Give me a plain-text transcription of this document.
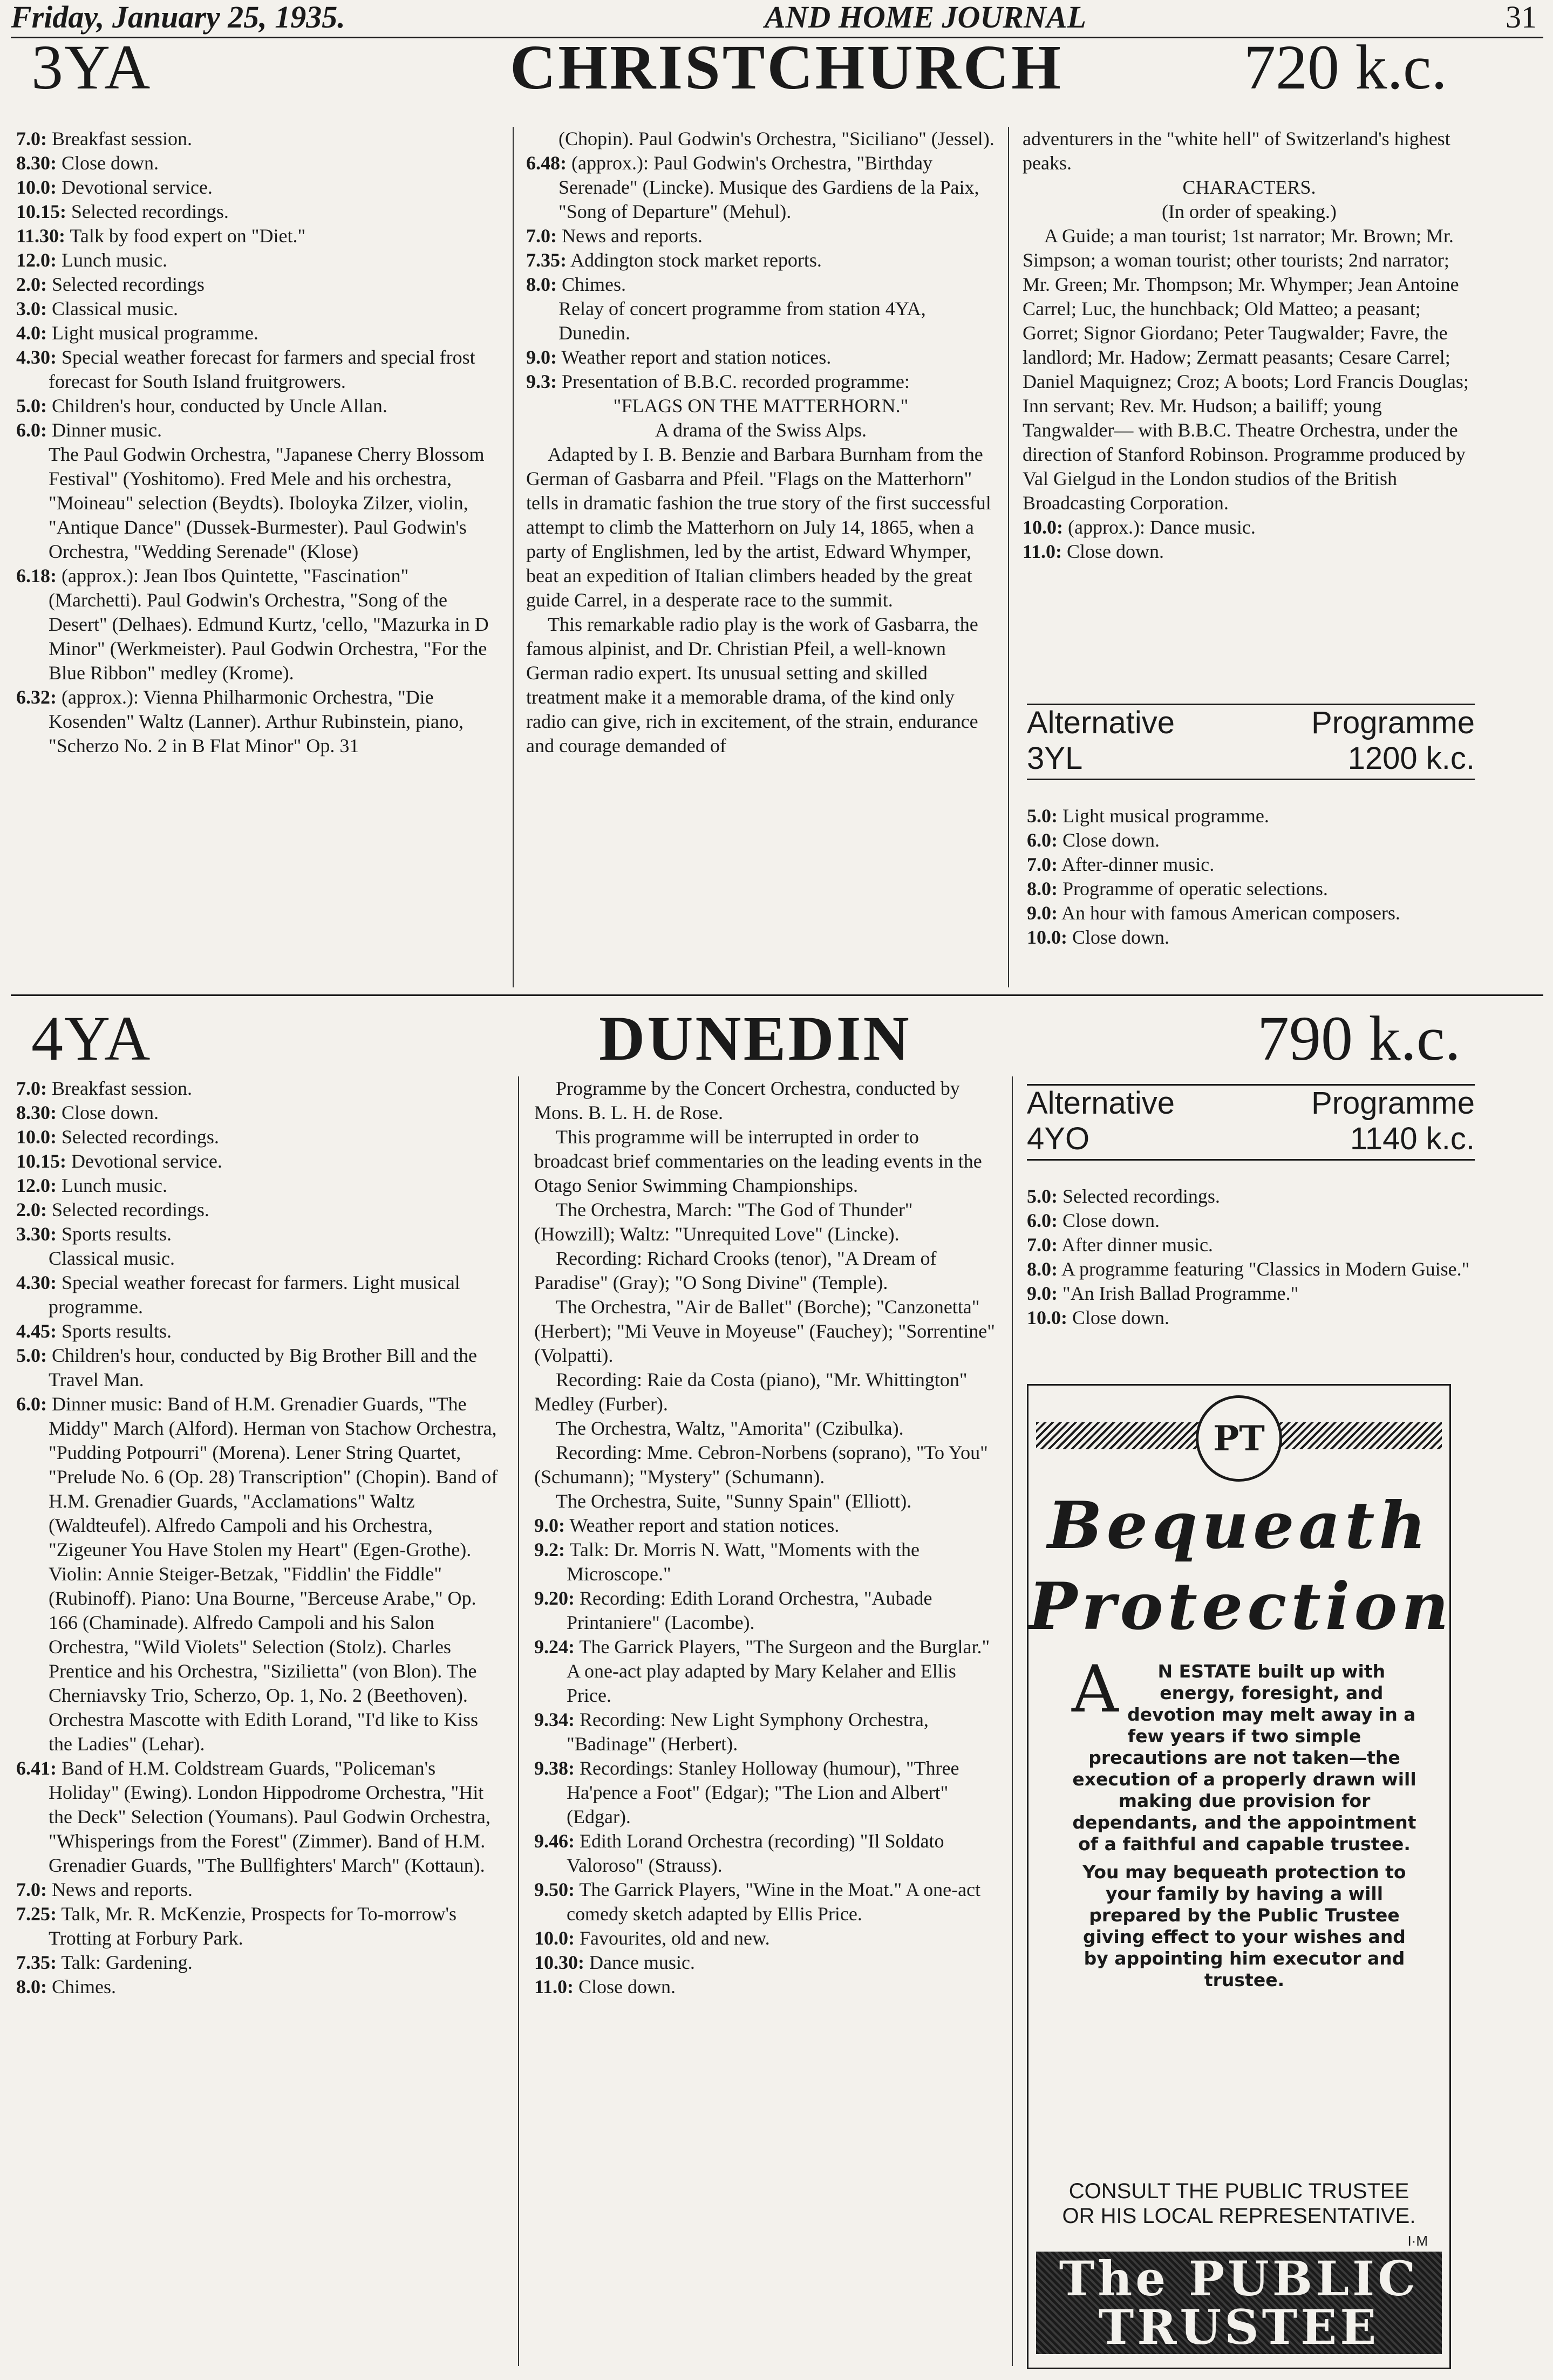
Friday, January 25, 1935.	AND HOME JOURNAL	31
3YA	CHRISTCHURCH	720 k.c.
7.0: Breakfast session.
8.30: Close down.
10.0: Devotional service.
10.15: Selected recordings.
11.30: Talk by food expert on "Diet."
12.0: Lunch music.
2.0: Selected recordings
3.0: Classical music.
4.0: Light musical programme.
4.30: Special weather forecast for farmers and special frost forecast for South Island fruitgrowers.
5.0: Children's hour, conducted by Uncle Allan.
6.0: Dinner music.
The Paul Godwin Orchestra, "Japanese Cherry Blossom Festival" (Yoshitomo). Fred Mele and his orchestra, "Moineau" selection (Beydts). Iboloyka Zilzer, violin, "Antique Dance" (Dussek-Burmester). Paul Godwin's Orchestra, "Wedding Serenade" (Klose)
6.18: (approx.): Jean Ibos Quintette, "Fascination" (Marchetti). Paul Godwin's Orchestra, "Song of the Desert" (Delhaes). Edmund Kurtz, 'cello, "Mazurka in D Minor" (Werkmeister). Paul Godwin Orchestra, "For the Blue Ribbon" medley (Krome).
6.32: (approx.): Vienna Philharmonic Orchestra, "Die Kosenden" Waltz (Lanner). Arthur Rubinstein, piano, "Scherzo No. 2 in B Flat Minor" Op. 31
(Chopin). Paul Godwin's Orchestra, "Siciliano" (Jessel).
6.48: (approx.): Paul Godwin's Orchestra, "Birthday Serenade" (Lincke). Musique des Gardiens de la Paix, "Song of Departure" (Mehul).
7.0: News and reports.
7.35: Addington stock market reports.
8.0: Chimes.
Relay of concert programme from station 4YA, Dunedin.
9.0: Weather report and station notices.
9.3: Presentation of B.B.C. recorded programme:

"FLAGS ON THE MATTERHORN."

A drama of the Swiss Alps.

Adapted by I. B. Benzie and Barbara Burnham from the German of Gasbarra and Pfeil. "Flags on the Matterhorn" tells in dramatic fashion the true story of the first successful attempt to climb the Matterhorn on July 14, 1865, when a party of Englishmen, led by the artist, Edward Whymper, beat an expedition of Italian climbers headed by the great guide Carrel, in a desperate race to the summit.

This remarkable radio play is the work of Gasbarra, the famous alpinist, and Dr. Christian Pfeil, a well-known German radio expert. Its unusual setting and skilled treatment make it a memorable drama, of the kind only radio can give, rich in excitement, of the strain, endurance and courage demanded of

adventurers in the "white hell" of Switzerland's highest peaks.

CHARACTERS.

(In order of speaking.)

A Guide; a man tourist; 1st narrator; Mr. Brown; Mr. Simpson; a woman tourist; other tourists; 2nd narrator; Mr. Green; Mr. Thompson; Mr. Whymper; Jean Antoine Carrel; Luc, the hunchback; Old Matteo; a peasant; Gorret; Signor Giordano; Peter Taugwalder; Favre, the landlord; Mr. Hadow; Zermatt peasants; Cesare Carrel; Daniel Maquignez; Croz; A boots; Lord Francis Douglas; Inn servant; Rev. Mr. Hudson; a bailiff; young Tangwalder— with B.B.C. Theatre Orchestra, under the direction of Stanford Robinson. Programme produced by Val Gielgud in the London studios of the British Broadcasting Corporation.

10.0: (approx.): Dance music.
11.0: Close down.
Alternative	Programme
3YL	1200 k.c.
5.0: Light musical programme.
6.0: Close down.
7.0: After-dinner music.
8.0: Programme of operatic selections.
9.0: An hour with famous American composers.
10.0: Close down.
4YA	DUNEDIN	790 k.c.
7.0: Breakfast session.
8.30: Close down.
10.0: Selected recordings.
10.15: Devotional service.
12.0: Lunch music.
2.0: Selected recordings.
3.30: Sports results.
Classical music.
4.30: Special weather forecast for farmers. Light musical programme.
4.45: Sports results.
5.0: Children's hour, conducted by Big Brother Bill and the Travel Man.
6.0: Dinner music: Band of H.M. Grenadier Guards, "The Middy" March (Alford). Herman von Stachow Orchestra, "Pudding Potpourri" (Morena). Lener String Quartet, "Prelude No. 6 (Op. 28) Transcription" (Chopin). Band of H.M. Grenadier Guards, "Acclamations" Waltz (Waldteufel). Alfredo Campoli and his Orchestra, "Zigeuner You Have Stolen my Heart" (Egen-Grothe). Violin: Annie Steiger-Betzak, "Fiddlin' the Fiddle" (Rubinoff). Piano: Una Bourne, "Berceuse Arabe," Op. 166 (Chaminade). Alfredo Campoli and his Salon Orchestra, "Wild Violets" Selection (Stolz). Charles Prentice and his Orchestra, "Sizilietta" (von Blon). The Cherniavsky Trio, Scherzo, Op. 1, No. 2 (Beethoven). Orchestra Mascotte with Edith Lorand, "I'd like to Kiss the Ladies" (Lehar).
6.41: Band of H.M. Coldstream Guards, "Policeman's Holiday" (Ewing). London Hippodrome Orchestra, "Hit the Deck" Selection (Youmans). Paul Godwin Orchestra, "Whisperings from the Forest" (Zimmer). Band of H.M. Grenadier Guards, "The Bullfighters' March" (Kottaun).
7.0: News and reports.
7.25: Talk, Mr. R. McKenzie, Prospects for To-morrow's Trotting at Forbury Park.
7.35: Talk: Gardening.
8.0: Chimes.

Programme by the Concert Orchestra, conducted by Mons. B. L. H. de Rose.

This programme will be interrupted in order to broadcast brief commentaries on the leading events in the Otago Senior Swimming Championships.

The Orchestra, March: "The God of Thunder" (Howzill); Waltz: "Unrequited Love" (Lincke).

Recording: Richard Crooks (tenor), "A Dream of Paradise" (Gray); "O Song Divine" (Temple).

The Orchestra, "Air de Ballet" (Borche); "Canzonetta" (Herbert); "Mi Veuve in Moyeuse" (Fauchey); "Sorrentine" (Volpatti).

Recording: Raie da Costa (piano), "Mr. Whittington" Medley (Furber).

The Orchestra, Waltz, "Amorita" (Czibulka).

Recording: Mme. Cebron-Norbens (soprano), "To You" (Schumann); "Mystery" (Schumann).

The Orchestra, Suite, "Sunny Spain" (Elliott).

9.0: Weather report and station notices.
9.2: Talk: Dr. Morris N. Watt, "Moments with the Microscope."
9.20: Recording: Edith Lorand Orchestra, "Aubade Printaniere" (Lacombe).
9.24: The Garrick Players, "The Surgeon and the Burglar." A one-act play adapted by Mary Kelaher and Ellis Price.
9.34: Recording: New Light Symphony Orchestra, "Badinage" (Herbert).
9.38: Recordings: Stanley Holloway (humour), "Three Ha'pence a Foot" (Edgar); "The Lion and Albert" (Edgar).
9.46: Edith Lorand Orchestra (recording) "Il Soldato Valoroso" (Strauss).
9.50: The Garrick Players, "Wine in the Moat." A one-act comedy sketch adapted by Ellis Price.
10.0: Favourites, old and new.
10.30: Dance music.
11.0: Close down.
Alternative	Programme
4YO	1140 k.c.
5.0: Selected recordings.
6.0: Close down.
7.0: After dinner music.
8.0: A programme featuring "Classics in Modern Guise."
9.0: "An Irish Ballad Programme."
10.0: Close down.
PT
Bequeath
Protection

A N ESTATE built up with energy, foresight, and devotion may melt away in a few years if two simple precautions are not taken—the execution of a properly drawn will making due provision for dependants, and the appointment of a faithful and capable trustee.

You may bequeath protection to your family by having a will prepared by the Public Trustee giving effect to your wishes and by appointing him executor and trustee.

CONSULT THE PUBLIC TRUSTEE OR HIS LOCAL REPRESENTATIVE.
I·M
The PUBLIC
TRUSTEE
